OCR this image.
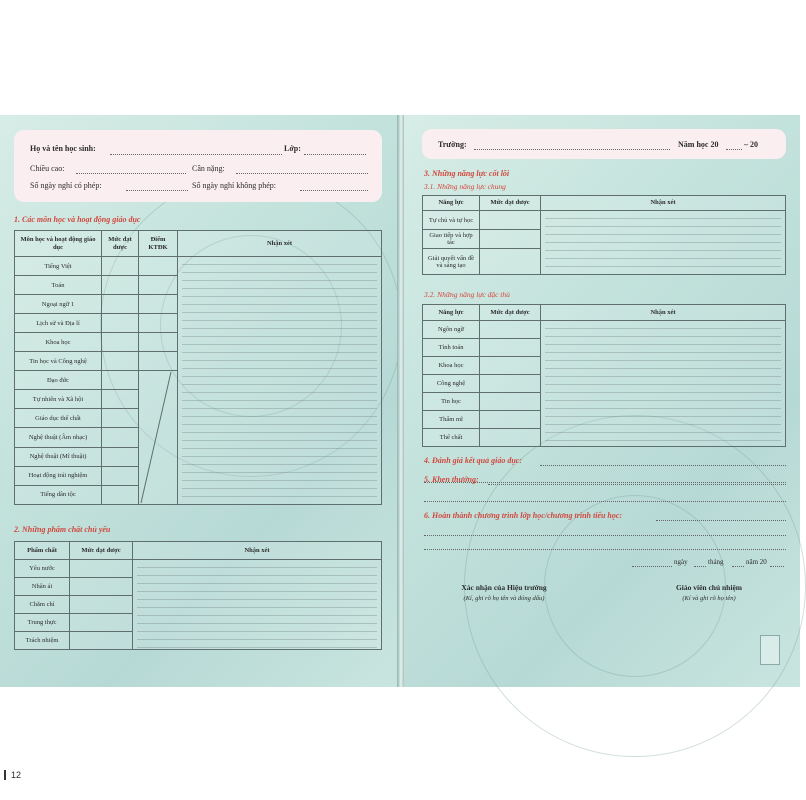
Họ và tên học sinh:	Lớp:
Chiều cao:	Cân nặng:
Số ngày nghỉ có phép:	Số ngày nghỉ không phép:
1. Các môn học và hoạt động giáo dục
Môn học và hoạt động giáo dục	Mức đạt được	Điểm KTĐK	Nhận xét
Tiếng Việt			

Toán			
Ngoại ngữ 1			
Lịch sử và Địa lí			
Khoa học			
Tin học và Công nghệ			
Đạo đức		

Tự nhiên và Xã hội			
Giáo dục thể chất			
Nghệ thuật (Âm nhạc)			
Nghệ thuật (Mĩ thuật)			
Hoạt động trải nghiệm			
Tiếng dân tộc			
2. Những phẩm chất chủ yếu
Phẩm chất	Mức đạt được	Nhận xét
Yêu nước		

Nhân ái		
Chăm chỉ		
Trung thực		
Trách nhiệm		
12
Trường:	Năm học 20	– 20
3. Những năng lực cốt lõi
3.1. Những năng lực chung
Năng lực	Mức đạt được	Nhận xét
Tự chủ và tự học		

Giao tiếp và hợp tác		
Giải quyết vấn đề và sáng tạo		
3.2. Những năng lực đặc thù
Năng lực	Mức đạt được	Nhận xét
Ngôn ngữ		

Tính toán		
Khoa học		
Công nghệ		
Tin học		
Thẩm mĩ		
Thể chất		
4. Đánh giá kết quả giáo dục:
5. Khen thưởng:
6. Hoàn thành chương trình lớp học/chương trình tiểu học:
ngày	tháng	năm 20
Xác nhận của Hiệu trưởng
(Kí, ghi rõ họ tên và đóng dấu)
Giáo viên chủ nhiệm
(Kí và ghi rõ họ tên)
